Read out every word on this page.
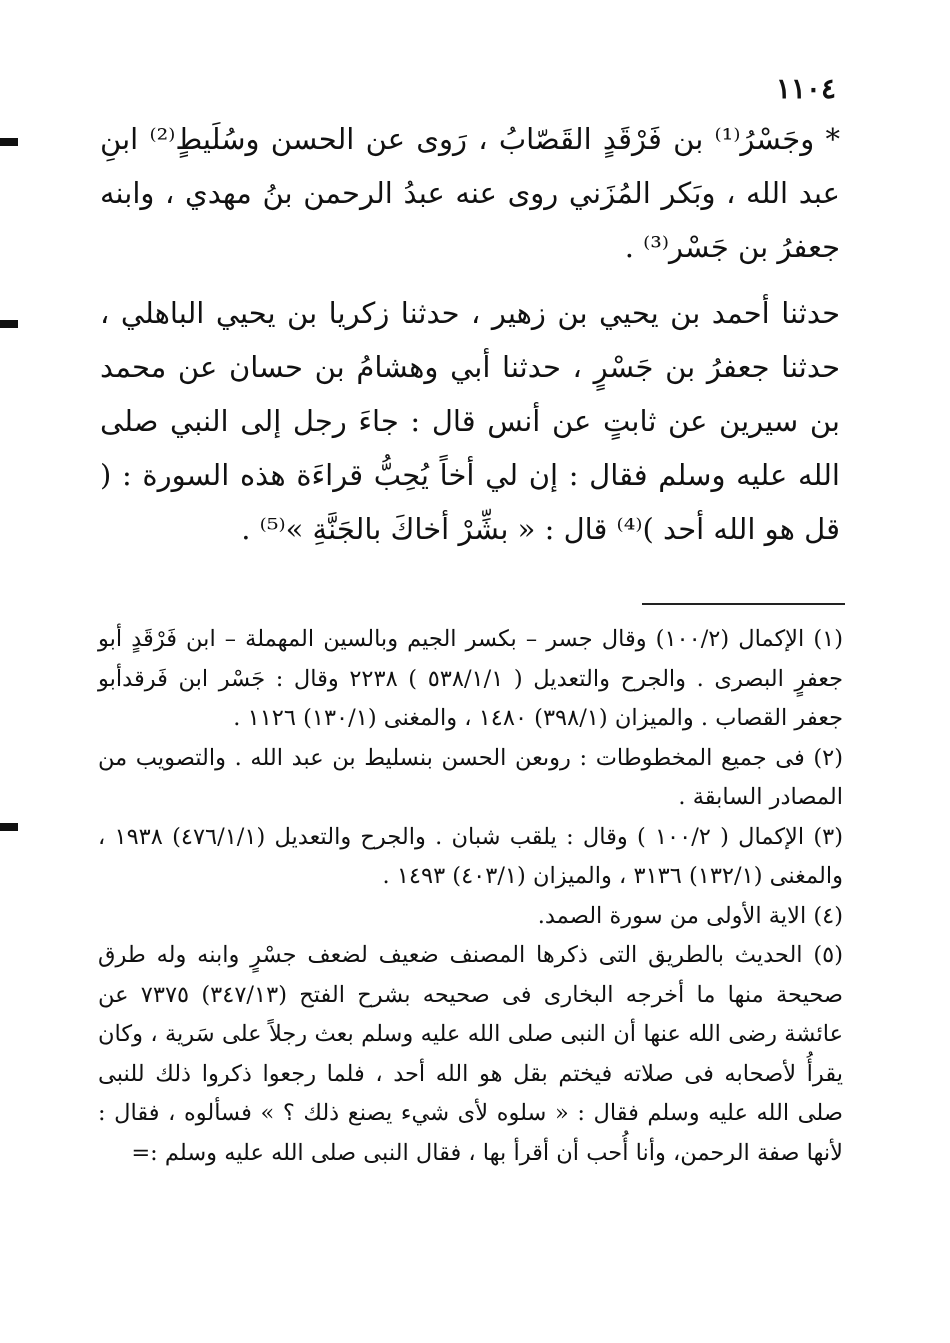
١١٠٤

* وجَسْرُ⁽¹⁾ بن فَرْقَدٍ القَصّابُ ، رَوى عن الحسن وسُلَيطٍ⁽²⁾ ابنِ عبد الله ، وبَكر المُزَني روى عنه عبدُ الرحمن بنُ مهدي ، وابنه جعفرُ بن جَسْر⁽³⁾ .

حدثنا أحمد بن يحيي بن زهير ، حدثنا زكريا بن يحيي الباهلي ، حدثنا جعفرُ بن جَسْرٍ ، حدثنا أبي وهشامُ بن حسان عن محمد بن سيرين عن ثابتٍ عن أنس قال : جاءَ رجل إلى النبي صلى الله عليه وسلم فقال : إن لي أخاً يُحِبُّ قراءَة هذه السورة : ( قل هو الله أحد )⁽⁴⁾ قال : « بشِّرْ أخاكَ بالجَنَّةِ »⁽⁵⁾ .

(١) الإكمال (١٠٠/٢) وقال جسر – بكسر الجيم وبالسين المهملة – ابن فَرْقَدٍ أبو جعفرٍ البصرى . والجرح والتعديل ( ٥٣٨/١/١ ) ٢٢٣٨ وقال : جَسْر ابن فَرقدأبو جعفر القصاب . والميزان (٣٩٨/١) ١٤٨٠ ، والمغنى (١٣٠/١) ١١٢٦ .

(٢) فى جميع المخطوطات : روىعن الحسن بنسليط بن عبد الله . والتصويب من المصادر السابقة .

(٣) الإكمال ( ١٠٠/٢ ) وقال : يلقب شبان . والجرح والتعديل (٤٧٦/١/١) ١٩٣٨ ، والمغنى (١٣٢/١) ٣١٣٦ ، والميزان (٤٠٣/١) ١٤٩٣ .

(٤) الاية الأولى من سورة الصمد.

(٥) الحديث بالطريق التى ذكرها المصنف ضعيف لضعف جسْرٍ وابنه وله طرق صحيحة منها ما أخرجه البخارى فى صحيحه بشرح الفتح (٣٤٧/١٣) ٧٣٧٥ عن عائشة رضى الله عنها أن النبى صلى الله عليه وسلم بعث رجلاً على سَرية ، وكان يقرأُ لأصحابه فى صلاته فيختم بقل هو الله أحد ، فلما رجعوا ذكروا ذلك للنبى صلى الله عليه وسلم فقال : « سلوه لأى شيء يصنع ذلك ؟ » فسألوه ، فقال : لأنها صفة الرحمن، وأنا أُحب أن أقرأ بها ، فقال النبى صلى الله عليه وسلم :=
